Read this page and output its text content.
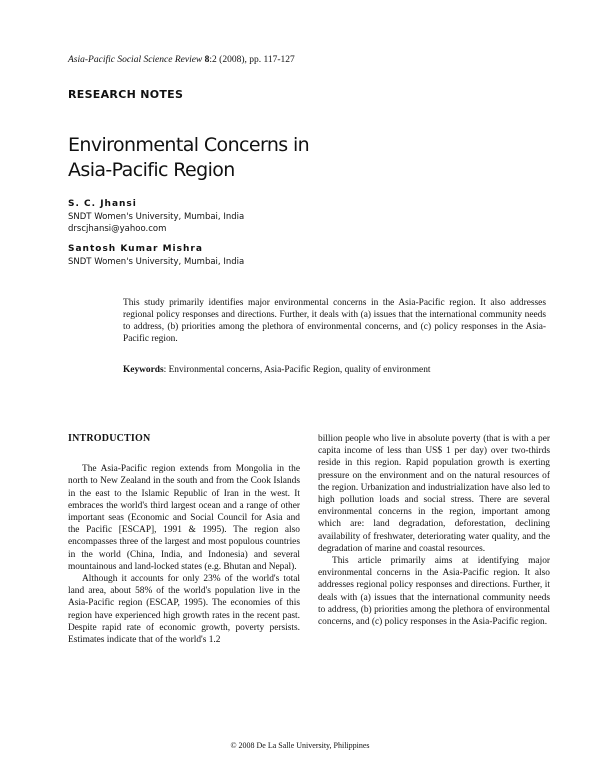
Asia-Pacific Social Science Review 8:2 (2008), pp. 117-127
RESEARCH NOTES
Environmental Concerns in
Asia-Pacific Region
S. C. Jhansi
SNDT Women's University, Mumbai, India
drscjhansi@yahoo.com
Santosh Kumar Mishra
SNDT Women's University, Mumbai, India
This study primarily identifies major environmental concerns in the Asia-Pacific region. It also addresses regional policy responses and directions. Further, it deals with (a) issues that the international community needs to address, (b) priorities among the plethora of environmental concerns, and (c) policy responses in the Asia-Pacific region.
Keywords: Environmental concerns, Asia-Pacific Region, quality of environment
INTRODUCTION

The Asia-Pacific region extends from Mongolia in the north to New Zealand in the south and from the Cook Islands in the east to the Islamic Republic of Iran in the west. It embraces the world's third largest ocean and a range of other important seas (Economic and Social Council for Asia and the Pacific [ESCAP], 1991 & 1995). The region also encompasses three of the largest and most populous countries in the world (China, India, and Indonesia) and several mountainous and land-locked states (e.g. Bhutan and Nepal).

Although it accounts for only 23% of the world's total land area, about 58% of the world's population live in the Asia-Pacific region (ESCAP, 1995). The economies of this region have experienced high growth rates in the recent past. Despite rapid rate of economic growth, poverty persists. Estimates indicate that of the world's 1.2

billion people who live in absolute poverty (that is with a per capita income of less than US$ 1 per day) over two-thirds reside in this region. Rapid population growth is exerting pressure on the environment and on the natural resources of the region. Urbanization and industrialization have also led to high pollution loads and social stress. There are several environmental concerns in the region, important among which are: land degradation, deforestation, declining availability of freshwater, deteriorating water quality, and the degradation of marine and coastal resources.

This article primarily aims at identifying major environmental concerns in the Asia-Pacific region. It also addresses regional policy responses and directions. Further, it deals with (a) issues that the international community needs to address, (b) priorities among the plethora of environmental concerns, and (c) policy responses in the Asia-Pacific region.

© 2008 De La Salle University, Philippines
